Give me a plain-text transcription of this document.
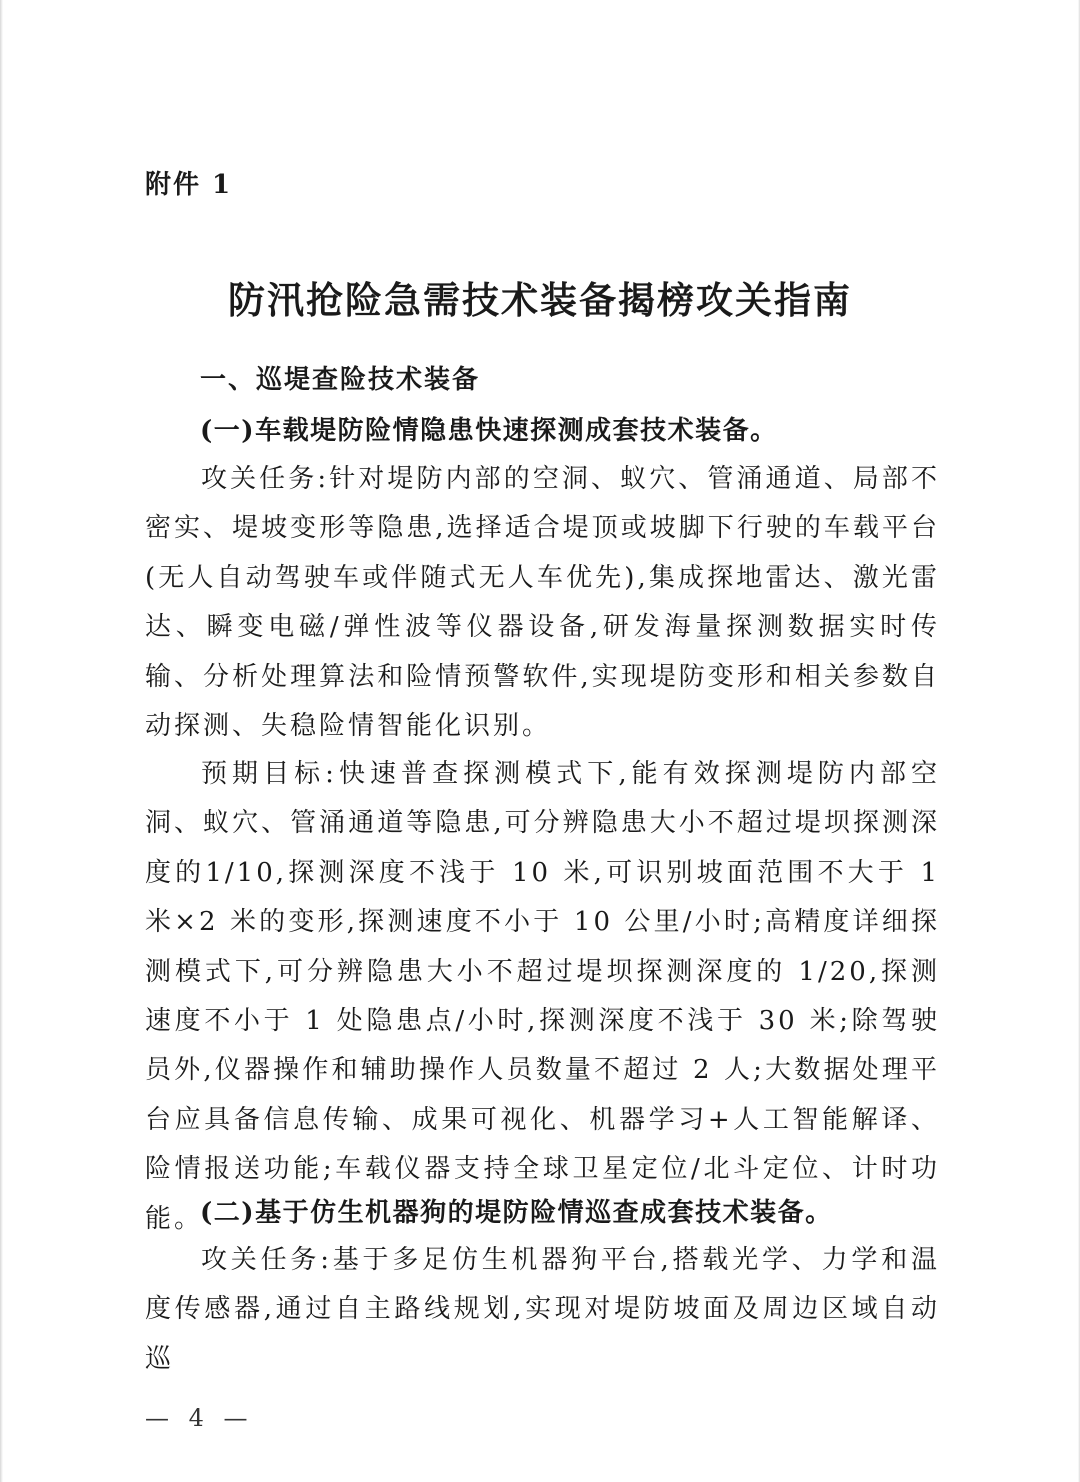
附件 1
防汛抢险急需技术装备揭榜攻关指南
一、巡堤查险技术装备
(一)车载堤防险情隐患快速探测成套技术装备。

攻关任务:针对堤防内部的空洞、蚁穴、管涌通道、局部不密实、堤坡变形等隐患,选择适合堤顶或坡脚下行驶的车载平台(无人自动驾驶车或伴随式无人车优先),集成探地雷达、激光雷达、瞬变电磁/弹性波等仪器设备,研发海量探测数据实时传输、分析处理算法和险情预警软件,实现堤防变形和相关参数自动探测、失稳险情智能化识别。

预期目标:快速普查探测模式下,能有效探测堤防内部空洞、蚁穴、管涌通道等隐患,可分辨隐患大小不超过堤坝探测深度的1/10,探测深度不浅于 10 米,可识别坡面范围不大于 1 米×2 米的变形,探测速度不小于 10 公里/小时;高精度详细探测模式下,可分辨隐患大小不超过堤坝探测深度的 1/20,探测速度不小于 1 处隐患点/小时,探测深度不浅于 30 米;除驾驶员外,仪器操作和辅助操作人员数量不超过 2 人;大数据处理平台应具备信息传输、成果可视化、机器学习+人工智能解译、险情报送功能;车载仪器支持全球卫星定位/北斗定位、计时功能。

(二)基于仿生机器狗的堤防险情巡查成套技术装备。

攻关任务:基于多足仿生机器狗平台,搭载光学、力学和温度传感器,通过自主路线规划,实现对堤防坡面及周边区域自动巡

— 4 —
